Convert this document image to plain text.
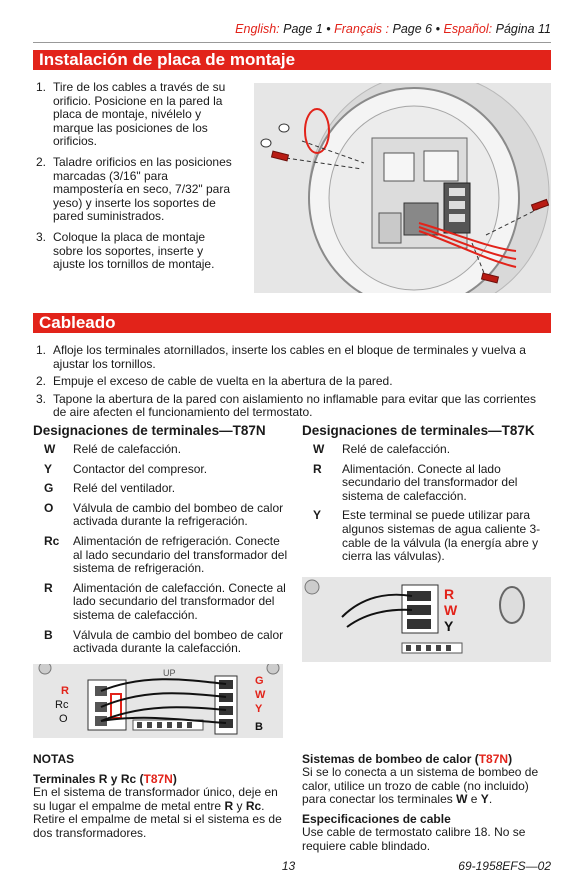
English: Page 1 • Français : Page 6 • Español: Página 11
Instalación de placa de montaje
1. Tire de los cables a través de su orificio. Posicione en la pared la placa de montaje, nivélelo y marque las posiciones de los orificios.
2. Taladre orificios en las posiciones marcadas (3/16" para mampostería en seco, 7/32" para yeso) y inserte los soportes de pared suministrados.
3. Coloque la placa de montaje sobre los soportes, inserte y ajuste los tornillos de montaje.
Cableado
1. Afloje los terminales atornillados, inserte los cables en el bloque de terminales y vuelva a ajustar los tornillos.
2. Empuje el exceso de cable de vuelta en la abertura de la pared.
3. Tapone la abertura de la pared con aislamiento no inflamable para evitar que las corrientes de aire afecten el funcionamiento del termostato.
Designaciones de terminales—T87N
W Relé de calefacción.
Y Contactor del compresor.
G Relé del ventilador.
O Válvula de cambio del bombeo de calor activada durante la refrigeración.
Rc Alimentación de refrigeración. Conecte al lado secundario del transformador del sistema de refrigeración.
R Alimentación de calefacción. Conecte al lado secundario del transformador del sistema de calefacción.
B Válvula de cambio del bombeo de calor activada durante la calefacción.
UP
R
Rc
O
G
W
Y
B
Designaciones de terminales—T87K
W Relé de calefacción.
R Alimentación. Conecte al lado secundario del transformador del sistema de calefacción.
Y Este terminal se puede utilizar para algunos sistemas de agua caliente 3-cable de la válvula (la energía abre y cierra las válvulas).
R
W
Y
NOTAS
Terminales R y Rc (T87N)
En el sistema de transformador único, deje en su lugar el empalme de metal entre R y Rc. Retire el empalme de metal si el sistema es de dos transformadores.
Sistemas de bombeo de calor (T87N)
Si se lo conecta a un sistema de bombeo de calor, utilice un trozo de cable (no incluido) para conectar los terminales W e Y.
Especificaciones de cable
Use cable de termostato calibre 18. No se requiere cable blindado.
13	69-1958EFS—02
